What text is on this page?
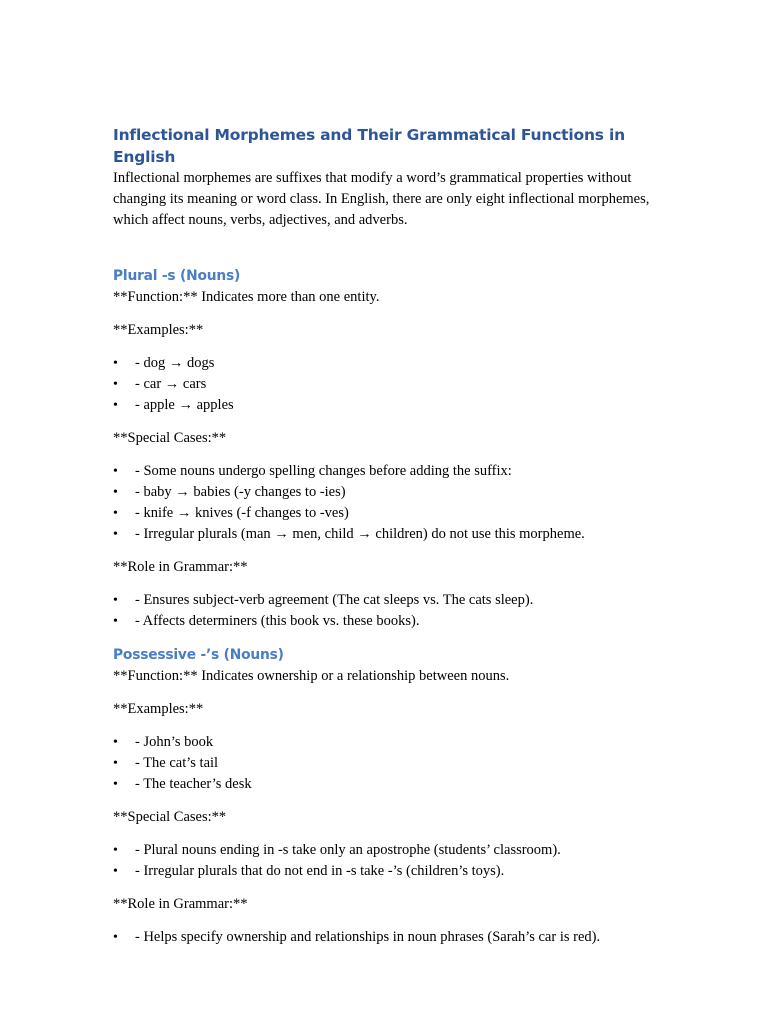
Inflectional Morphemes and Their Grammatical Functions in English

Inflectional morphemes are suffixes that modify a word’s grammatical properties without changing its meaning or word class. In English, there are only eight inflectional morphemes, which affect nouns, verbs, adjectives, and adverbs.

Plural -s (Nouns)

**Function:** Indicates more than one entity.

**Examples:**

• - dog → dogs
• - car → cars
• - apple → apples

**Special Cases:**

• - Some nouns undergo spelling changes before adding the suffix:
• - baby → babies (-y changes to -ies)
• - knife → knives (-f changes to -ves)
• - Irregular plurals (man → men, child → children) do not use this morpheme.

**Role in Grammar:**

• - Ensures subject-verb agreement (The cat sleeps vs. The cats sleep).
• - Affects determiners (this book vs. these books).
Possessive -’s (Nouns)

**Function:** Indicates ownership or a relationship between nouns.

**Examples:**

• - John’s book
• - The cat’s tail
• - The teacher’s desk

**Special Cases:**

• - Plural nouns ending in -s take only an apostrophe (students’ classroom).
• - Irregular plurals that do not end in -s take -’s (children’s toys).

**Role in Grammar:**

• - Helps specify ownership and relationships in noun phrases (Sarah’s car is red).
